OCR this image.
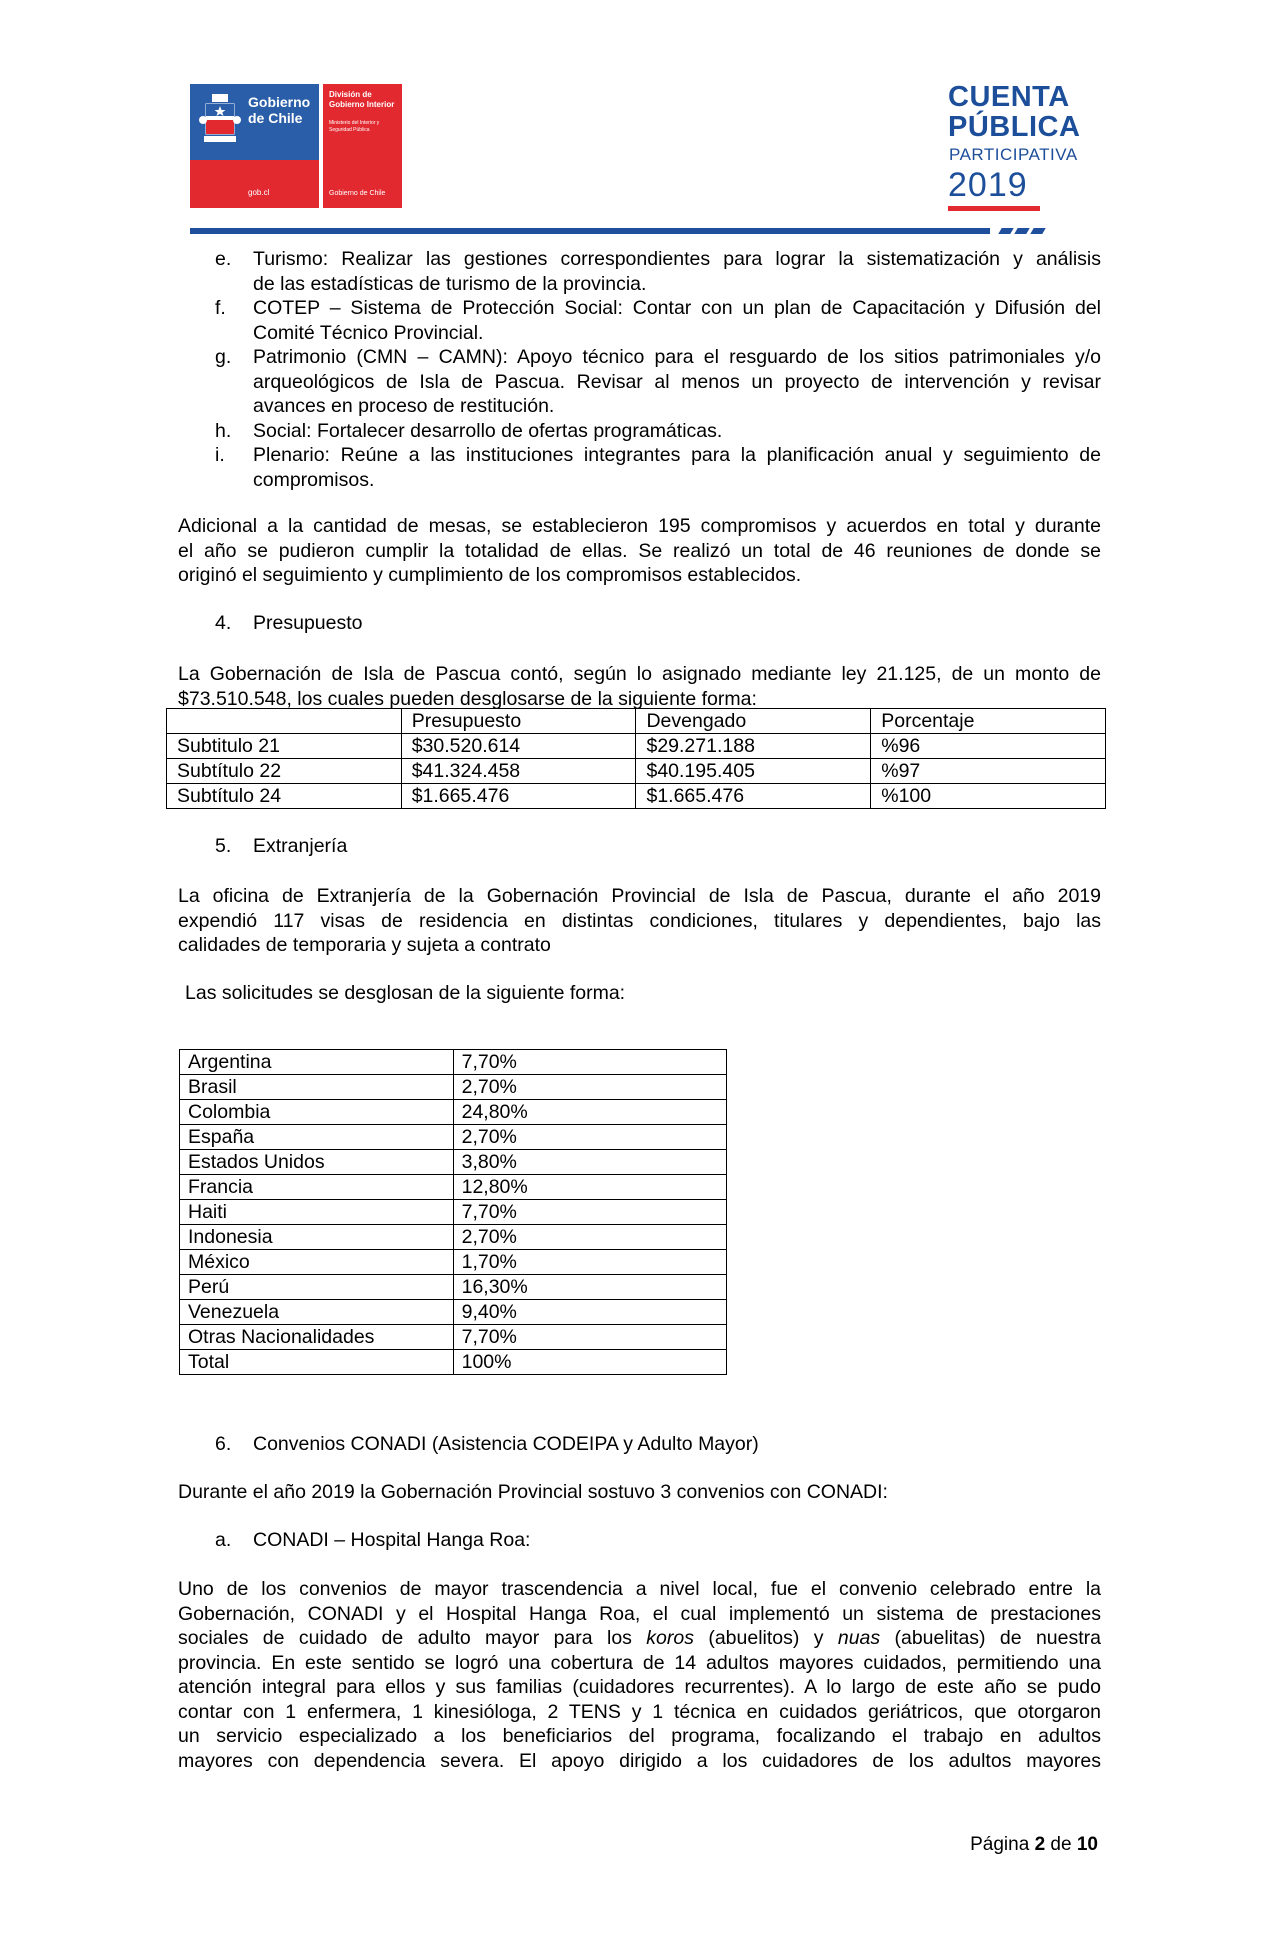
Gobierno de Chile
gob.cl
División de Gobierno Interior
Ministerio del Interior y Seguridad Pública
Gobierno de Chile
CUENTA
PÚBLICA
PARTICIPATIVA
2019
e. Turismo: Realizar las gestiones correspondientes para lograr la sistematización y análisis
de las estadísticas de turismo de la provincia.
f. COTEP – Sistema de Protección Social: Contar con un plan de Capacitación y Difusión del
Comité Técnico Provincial.
g. Patrimonio (CMN – CAMN): Apoyo técnico para el resguardo de los sitios patrimoniales y/o
arqueológicos de Isla de Pascua. Revisar al menos un proyecto de intervención y revisar
avances en proceso de restitución.
h. Social: Fortalecer desarrollo de ofertas programáticas.
i. Plenario: Reúne a las instituciones integrantes para la planificación anual y seguimiento de
compromisos.
Adicional a la cantidad de mesas, se establecieron 195 compromisos y acuerdos en total y durante
el año se pudieron cumplir la totalidad de ellas. Se realizó un total de 46 reuniones de donde se
originó el seguimiento y cumplimiento de los compromisos establecidos.
4. Presupuesto
La Gobernación de Isla de Pascua contó, según lo asignado mediante ley 21.125, de un monto de
$73.510.548, los cuales pueden desglosarse de la siguiente forma:
	Presupuesto	Devengado	Porcentaje
Subtitulo 21	$30.520.614	$29.271.188	%96
Subtítulo 22	$41.324.458	$40.195.405	%97
Subtítulo 24	$1.665.476	$1.665.476	%100
5. Extranjería
La oficina de Extranjería de la Gobernación Provincial de Isla de Pascua, durante el año 2019
expendió 117 visas de residencia en distintas condiciones, titulares y dependientes, bajo las
calidades de temporaria y sujeta a contrato
Las solicitudes se desglosan de la siguiente forma:
Argentina	7,70%
Brasil	2,70%
Colombia	24,80%
España	2,70%
Estados Unidos	3,80%
Francia	12,80%
Haiti	7,70%
Indonesia	2,70%
México	1,70%
Perú	16,30%
Venezuela	9,40%
Otras Nacionalidades	7,70%
Total	100%
6. Convenios CONADI (Asistencia CODEIPA y Adulto Mayor)
Durante el año 2019 la Gobernación Provincial sostuvo 3 convenios con CONADI:
a. CONADI – Hospital Hanga Roa:
Uno de los convenios de mayor trascendencia a nivel local, fue el convenio celebrado entre la
Gobernación, CONADI y el Hospital Hanga Roa, el cual implementó un sistema de prestaciones
sociales de cuidado de adulto mayor para los koros (abuelitos) y nuas (abuelitas) de nuestra
provincia. En este sentido se logró una cobertura de 14 adultos mayores cuidados, permitiendo una
atención integral para ellos y sus familias (cuidadores recurrentes). A lo largo de este año se pudo
contar con 1 enfermera, 1 kinesióloga, 2 TENS y 1 técnica en cuidados geriátricos, que otorgaron
un servicio especializado a los beneficiarios del programa, focalizando el trabajo en adultos
mayores con dependencia severa. El apoyo dirigido a los cuidadores de los adultos mayores
Página 2 de 10
